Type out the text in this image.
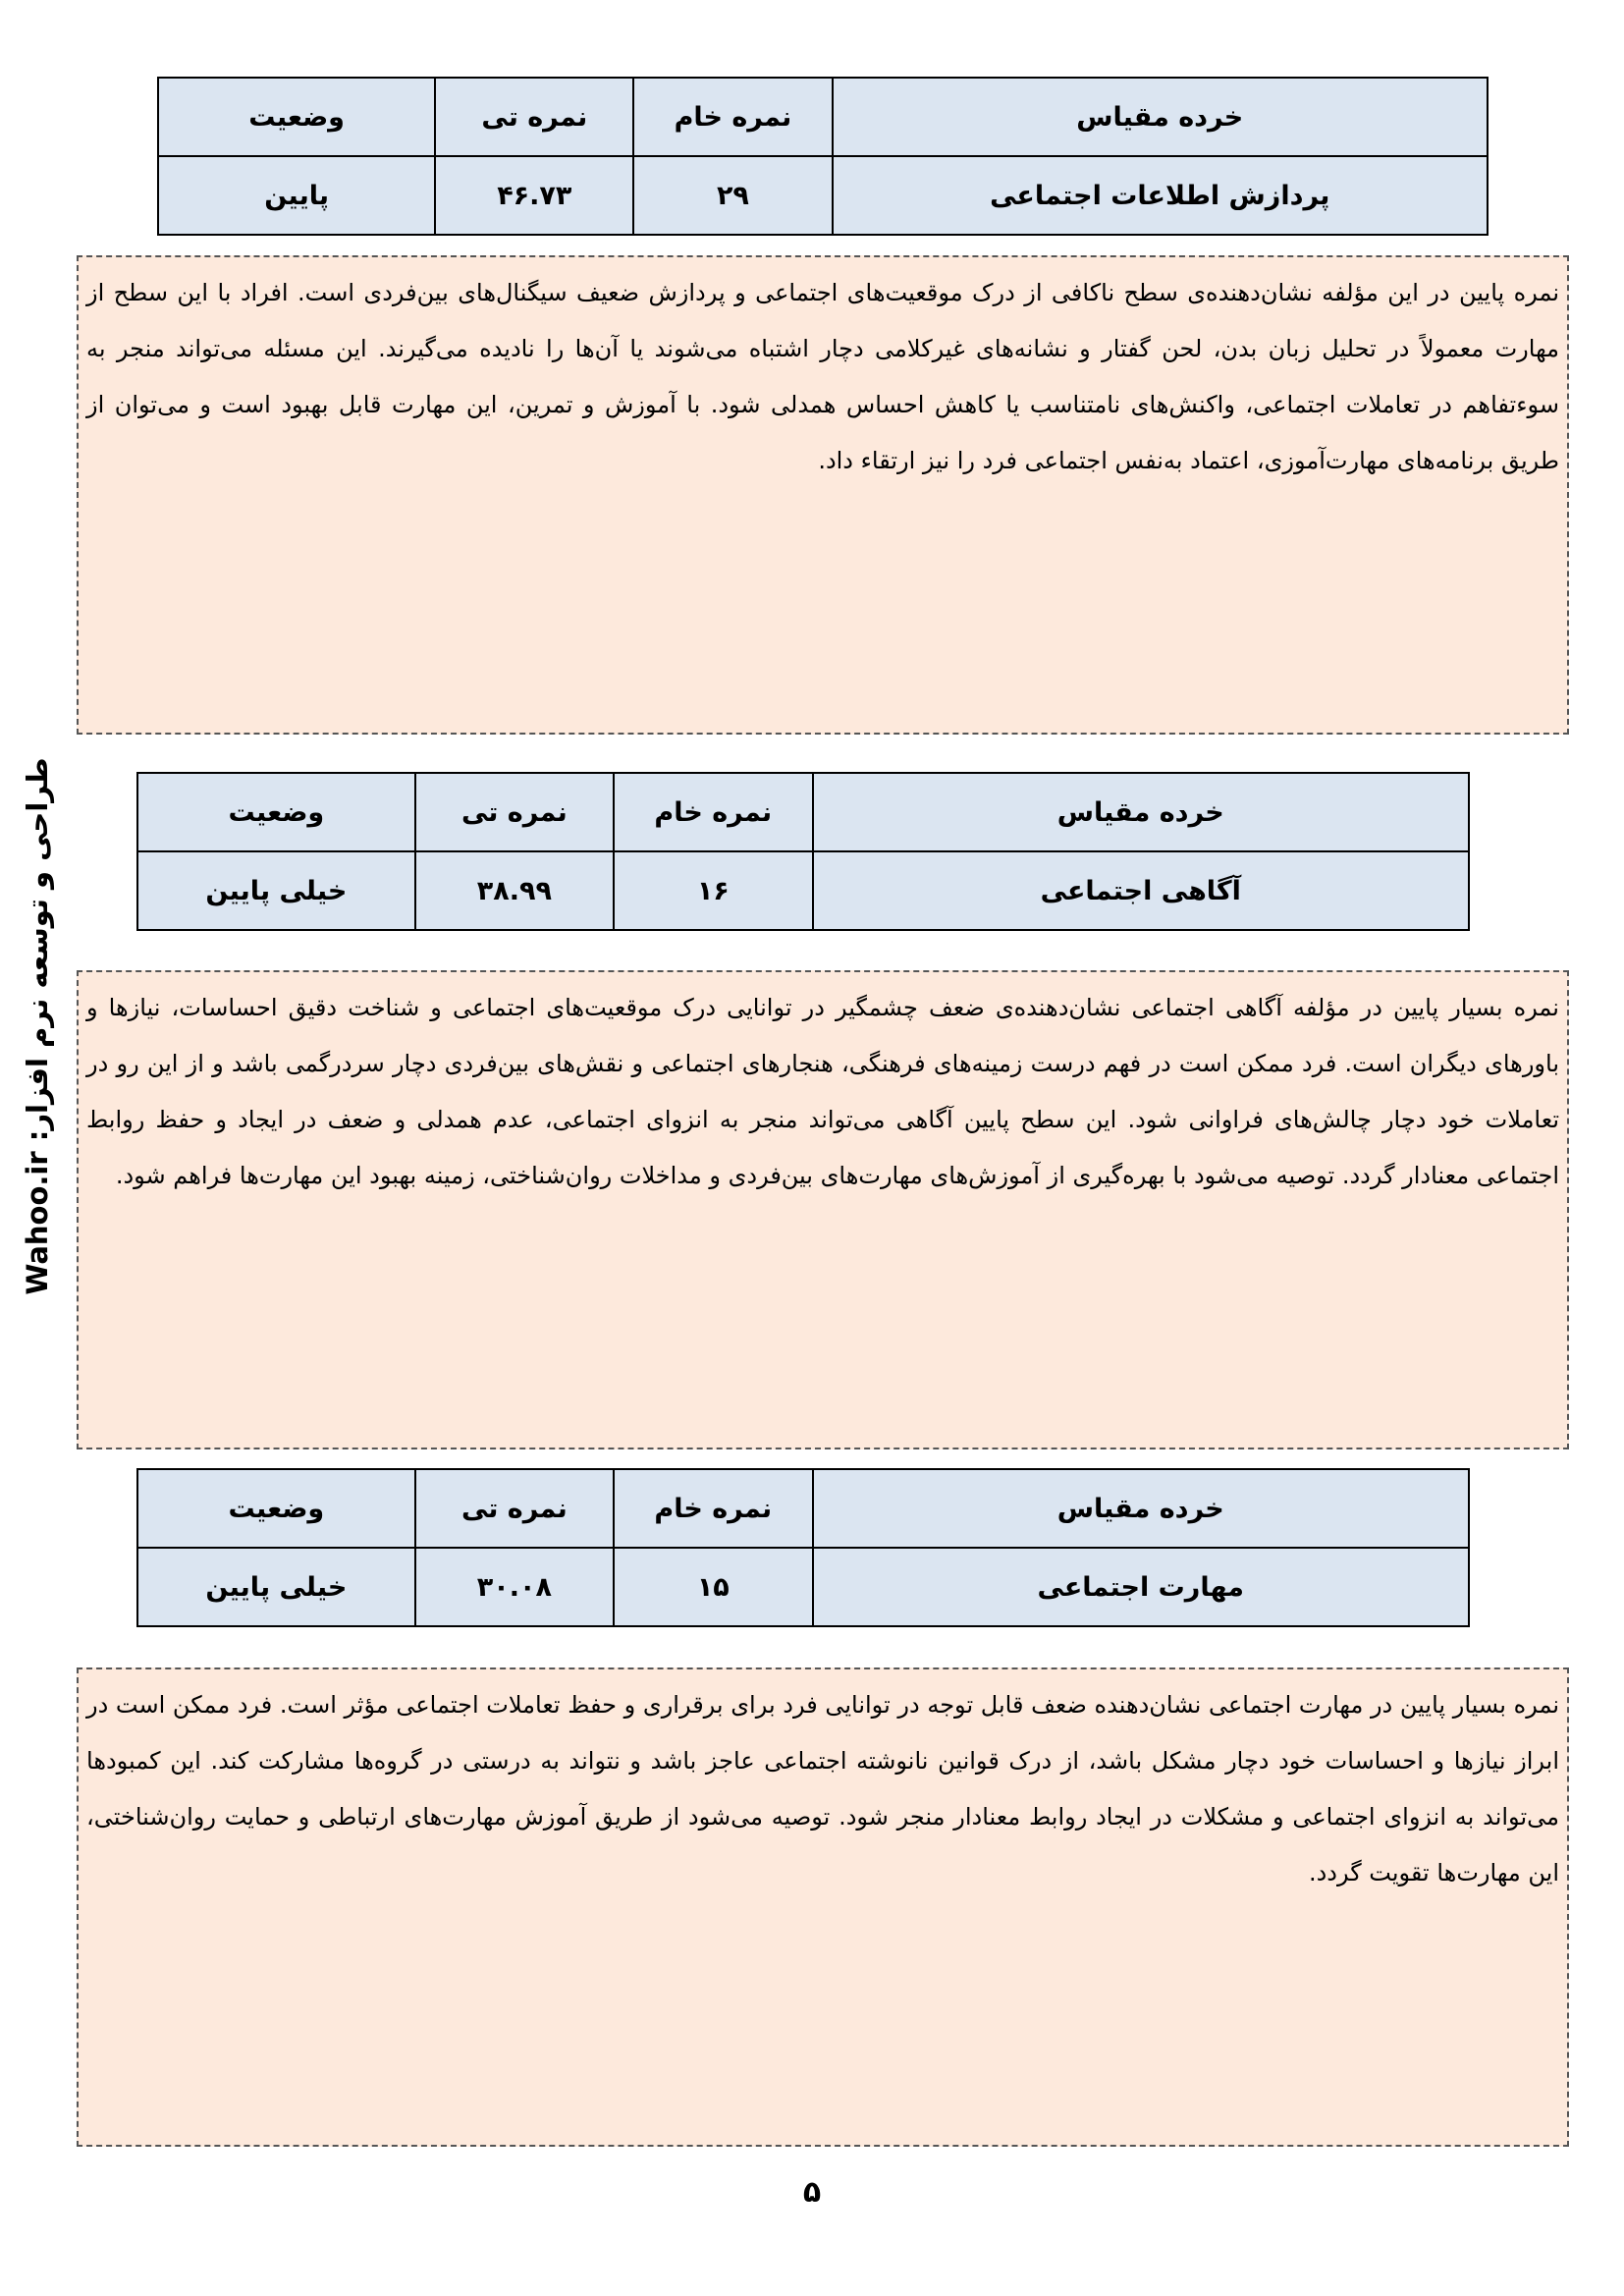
خرده مقیاس	نمره خام	نمره تی	وضعیت
پردازش اطلاعات اجتماعی	۲۹	۴۶.۷۳	پایین
نمره پایین در این مؤلفه نشان‌دهنده‌ی سطح ناکافی از درک موقعیت‌های اجتماعی و پردازش ضعیف سیگنال‌های بین‌فردی است. افراد با این سطح از مهارت معمولاً در تحلیل زبان بدن، لحن گفتار و نشانه‌های غیرکلامی دچار اشتباه می‌شوند یا آن‌ها را نادیده می‌گیرند. این مسئله می‌تواند منجر به سوءتفاهم در تعاملات اجتماعی، واکنش‌های نامتناسب یا کاهش احساس همدلی شود. با آموزش و تمرین، این مهارت قابل بهبود است و می‌توان از طریق برنامه‌های مهارت‌آموزی، اعتماد به‌نفس اجتماعی فرد را نیز ارتقاء داد.
خرده مقیاس	نمره خام	نمره تی	وضعیت
آگاهی اجتماعی	۱۶	۳۸.۹۹	خیلی پایین
نمره بسیار پایین در مؤلفه آگاهی اجتماعی نشان‌دهنده‌ی ضعف چشمگیر در توانایی درک موقعیت‌های اجتماعی و شناخت دقیق احساسات، نیازها و باورهای دیگران است. فرد ممکن است در فهم درست زمینه‌های فرهنگی، هنجارهای اجتماعی و نقش‌های بین‌فردی دچار سردرگمی باشد و از این رو در تعاملات خود دچار چالش‌های فراوانی شود. این سطح پایین آگاهی می‌تواند منجر به انزوای اجتماعی، عدم همدلی و ضعف در ایجاد و حفظ روابط اجتماعی معنادار گردد. توصیه می‌شود با بهره‌گیری از آموزش‌های مهارت‌های بین‌فردی و مداخلات روان‌شناختی، زمینه بهبود این مهارت‌ها فراهم شود.
خرده مقیاس	نمره خام	نمره تی	وضعیت
مهارت اجتماعی	۱۵	۳۰.۰۸	خیلی پایین
نمره بسیار پایین در مهارت اجتماعی نشان‌دهنده ضعف قابل توجه در توانایی فرد برای برقراری و حفظ تعاملات اجتماعی مؤثر است. فرد ممکن است در ابراز نیازها و احساسات خود دچار مشکل باشد، از درک قوانین نانوشته اجتماعی عاجز باشد و نتواند به درستی در گروه‌ها مشارکت کند. این کمبودها می‌تواند به انزوای اجتماعی و مشکلات در ایجاد روابط معنادار منجر شود. توصیه می‌شود از طریق آموزش مهارت‌های ارتباطی و حمایت روان‌شناختی، این مهارت‌ها تقویت گردد.
طراحی و توسعه نرم افزار: Wahoo.ir
۵
